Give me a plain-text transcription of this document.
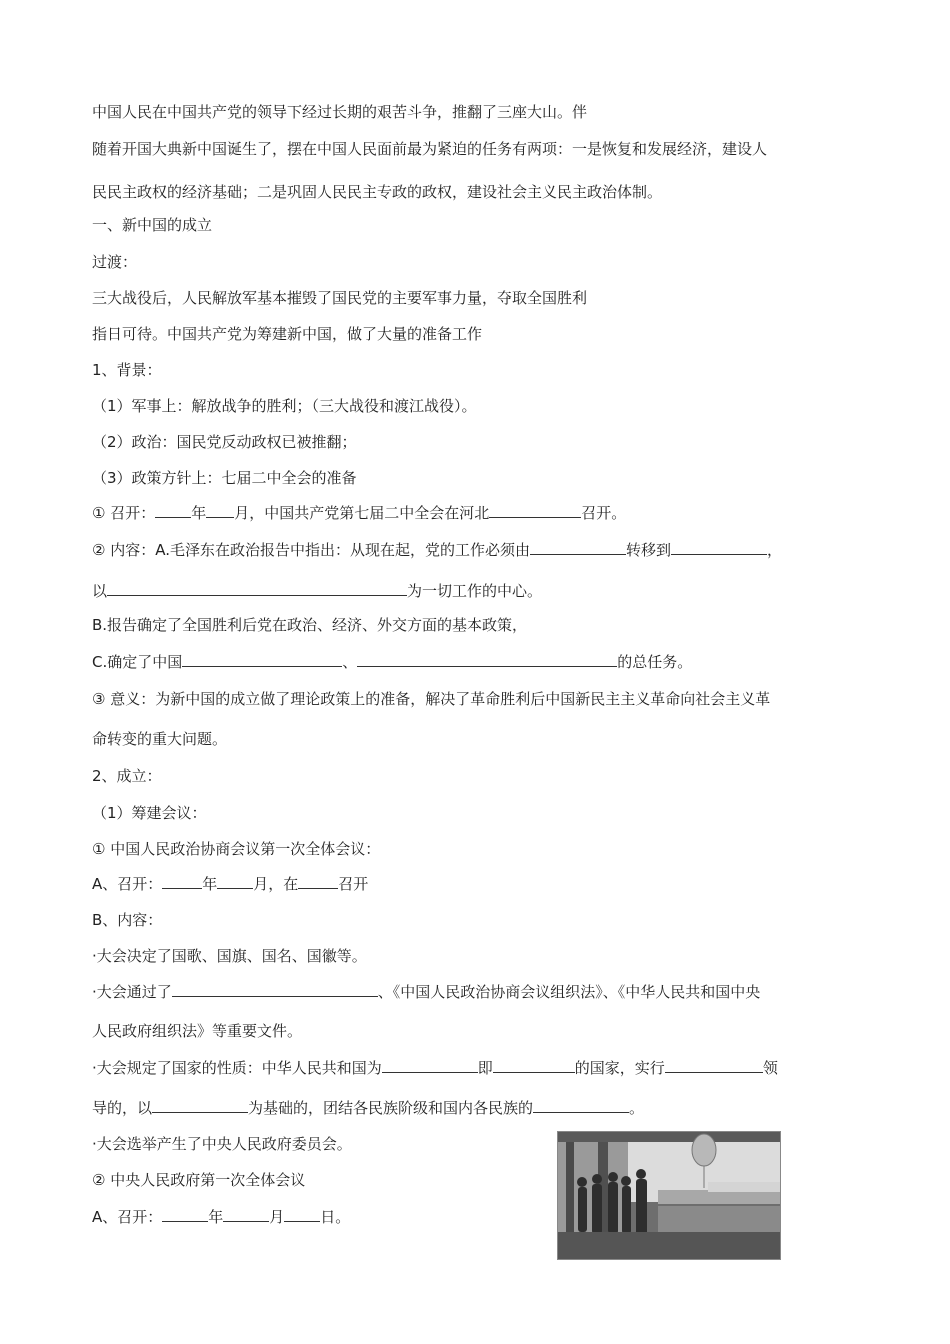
中国人民在中国共产党的领导下经过长期的艰苦斗争，推翻了三座大山。伴
随着开国大典新中国诞生了，摆在中国人民面前最为紧迫的任务有两项：一是恢复和发展经济，建设人
民民主政权的经济基础；二是巩固人民民主专政的政权，建设社会主义民主政治体制。
一、新中国的成立
过渡：
三大战役后，人民解放军基本摧毁了国民党的主要军事力量，夺取全国胜利
指日可待。中国共产党为筹建新中国，做了大量的准备工作
1、背景：
（1）军事上：解放战争的胜利；（三大战役和渡江战役）。
（2）政治：国民党反动政权已被推翻；
（3）政策方针上：七届二中全会的准备
① 召开： 年 月，中国共产党第七届二中全会在河北	召开。
② 内容：A.毛泽东在政治报告中指出：从现在起，党的工作必须由	转移到	，
以	为一切工作的中心。
B.报告确定了全国胜利后党在政治、经济、外交方面的基本政策，
C.确定了中国	、	的总任务。
③ 意义：为新中国的成立做了理论政策上的准备，解决了革命胜利后中国新民主主义革命向社会主义革
命转变的重大问题。
2、成立：
（1）筹建会议：
① 中国人民政治协商会议第一次全体会议：
A、召开：	年 月，在	召开
B、内容：
·大会决定了国歌、国旗、国名、国徽等。
·大会通过了	、《中国人民政治协商会议组织法》、《中华人民共和国中央
人民政府组织法》等重要文件。
·大会规定了国家的性质：中华人民共和国为	即	的国家，实行	领
导的，以	为基础的，团结各民族阶级和国内各民族的	。
·大会选举产生了中央人民政府委员会。
② 中央人民政府第一次全体会议
A、召开：	年	月 日。
